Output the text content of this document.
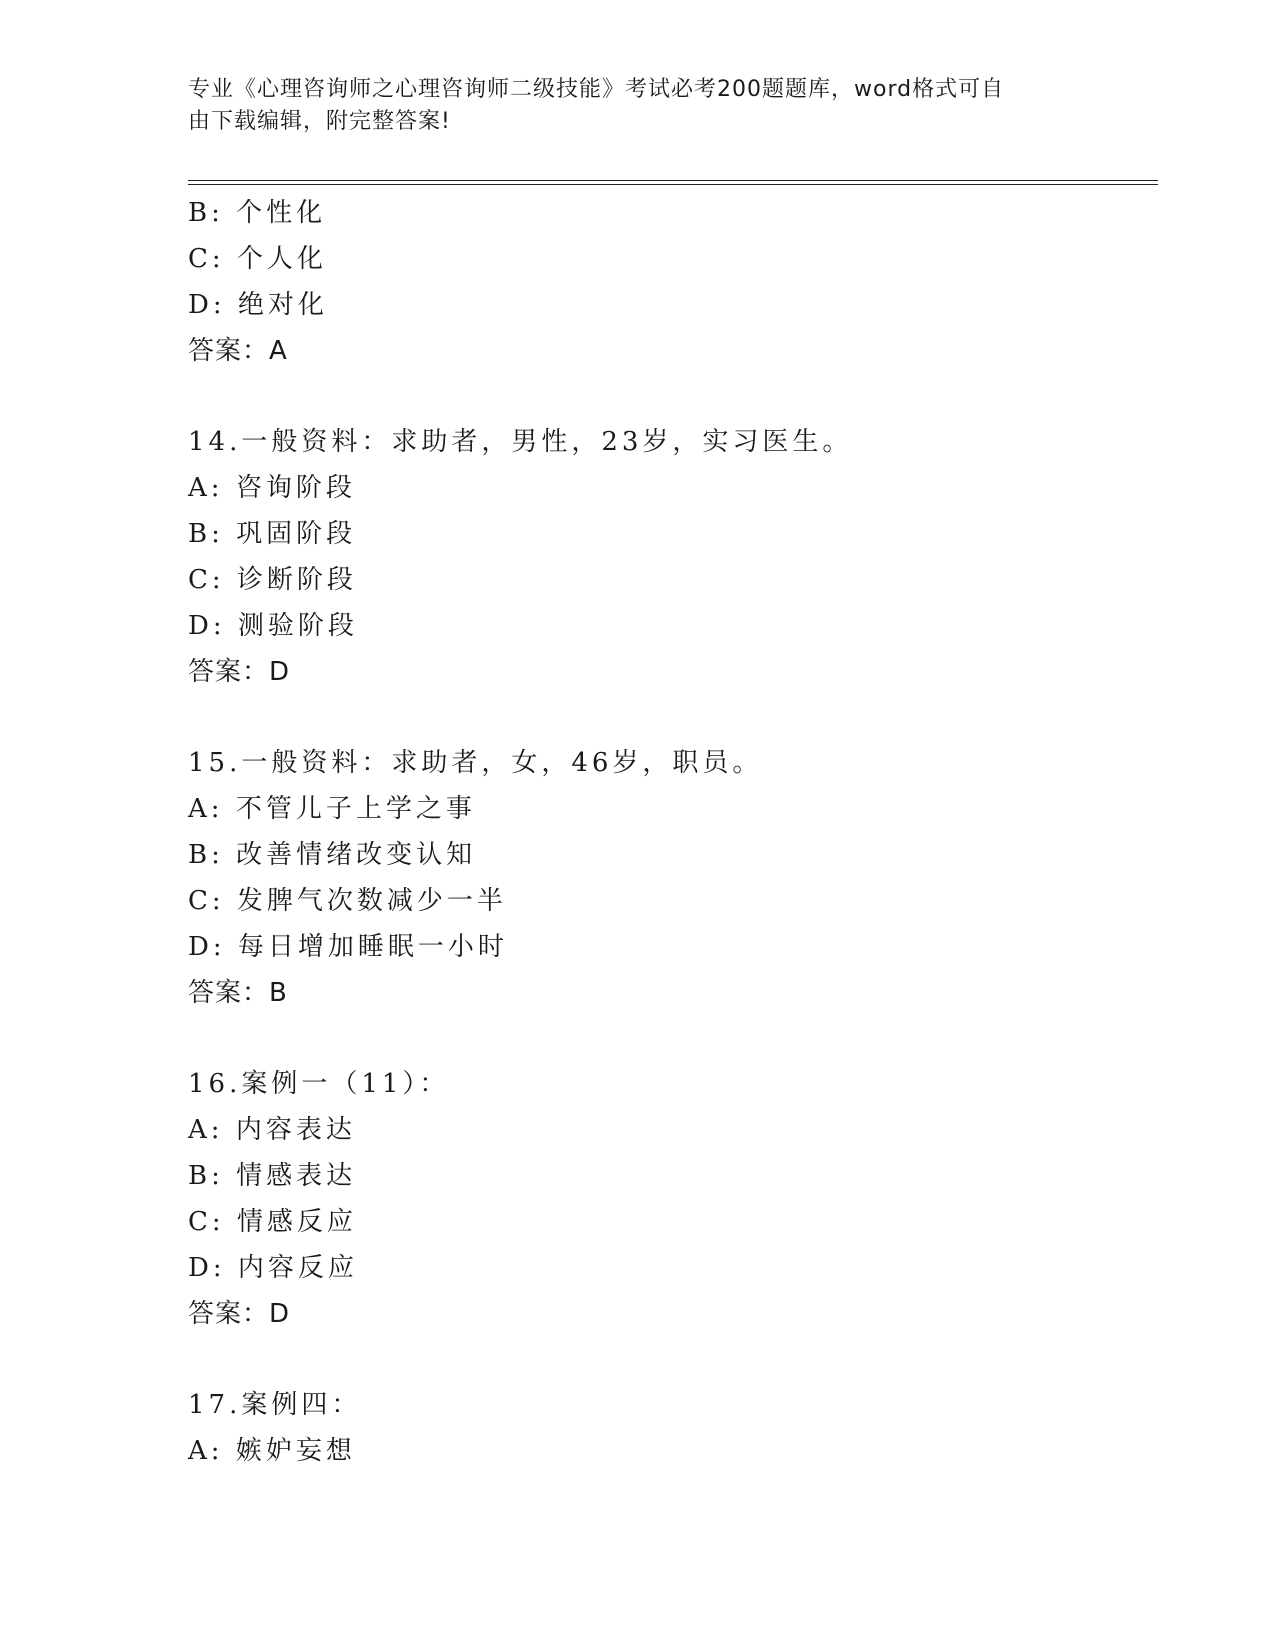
专业《心理咨询师之心理咨询师二级技能》考试必考200题题库，word格式可自
由下载编辑，附完整答案!
B: 个性化
C: 个人化
D: 绝对化
答案：A
14.一般资料：求助者，男性，23岁，实习医生。
A: 咨询阶段
B: 巩固阶段
C: 诊断阶段
D: 测验阶段
答案：D
15.一般资料：求助者，女，46岁，职员。
A: 不管儿子上学之事
B: 改善情绪改变认知
C: 发脾气次数减少一半
D: 每日增加睡眠一小时
答案：B
16.案例一（11）：
A: 内容表达
B: 情感表达
C: 情感反应
D: 内容反应
答案：D
17.案例四：
A: 嫉妒妄想
